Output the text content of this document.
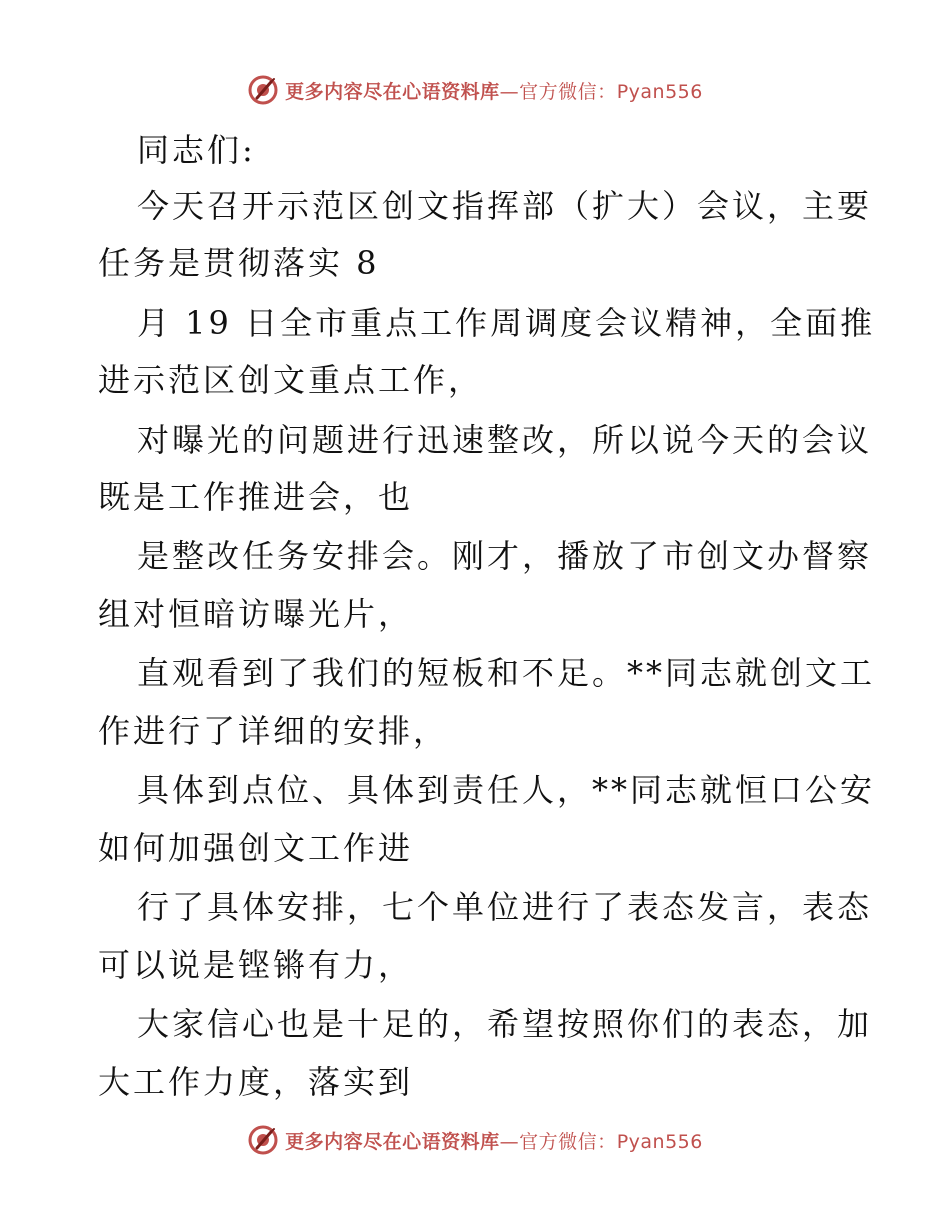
更多内容尽在心语资料库—官方微信：Pyan556
同志们:
今天召开示范区创文指挥部（扩大）会议，主要
任务是贯彻落实 8
月 19 日全市重点工作周调度会议精神，全面推
进示范区创文重点工作，
对曝光的问题进行迅速整改，所以说今天的会议
既是工作推进会，也
是整改任务安排会。刚才，播放了市创文办督察
组对恒暗访曝光片，
直观看到了我们的短板和不足。**同志就创文工
作进行了详细的安排，
具体到点位、具体到责任人，**同志就恒口公安
如何加强创文工作进
行了具体安排，七个单位进行了表态发言，表态
可以说是铿锵有力，
大家信心也是十足的，希望按照你们的表态，加
大工作力度，落实到
更多内容尽在心语资料库—官方微信：Pyan556
